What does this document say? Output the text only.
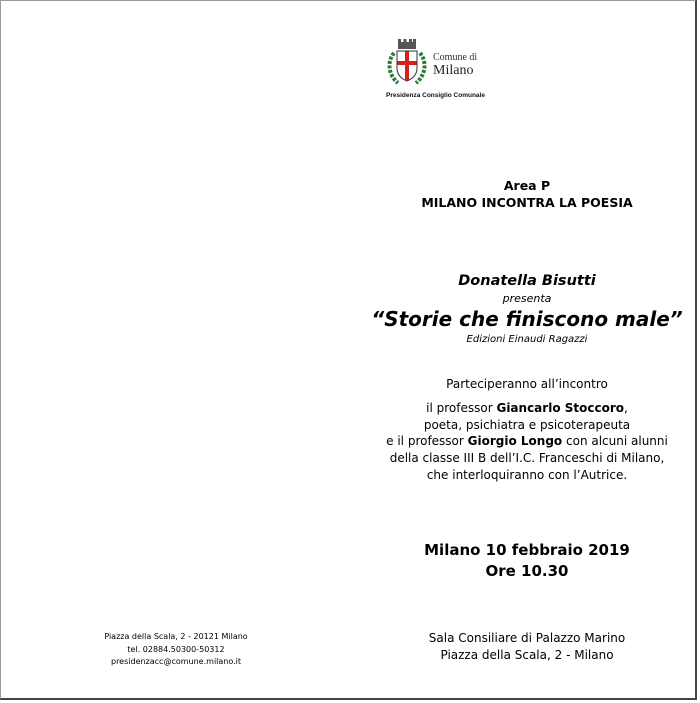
Comune di
Milano
Presidenza Consiglio Comunale
Area P
MILANO INCONTRA LA POESIA
Donatella Bisutti
presenta
“Storie che finiscono male”
Edizioni Einaudi Ragazzi
Parteciperanno all’incontro
il professor Giancarlo Stoccoro,
poeta, psichiatra e psicoterapeuta
e il professor Giorgio Longo con alcuni alunni
della classe III B dell’I.C. Franceschi di Milano,
che interloquiranno con l’Autrice.
Milano 10 febbraio 2019
Ore 10.30
Sala Consiliare di Palazzo Marino
Piazza della Scala, 2 - Milano
Piazza della Scala, 2 - 20121 Milano
tel. 02884.50300-50312
presidenzacc@comune.milano.it
